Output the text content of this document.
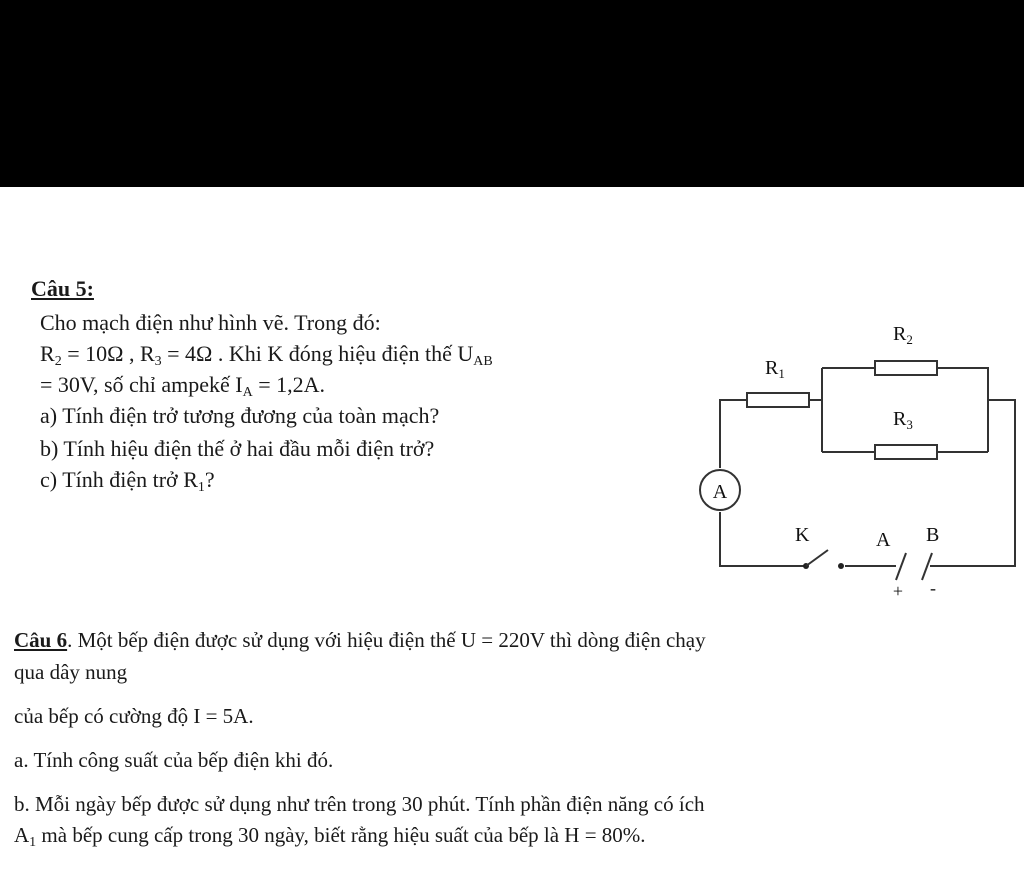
Câu 5:
Cho mạch điện như hình vẽ. Trong đó:
$R_2 = 10\Omega$ , $R_3 = 4\Omega$ . Khi K đóng hiệu điện thế $U_{AB}$
= 30V, số chỉ ampekế $I_A = 1,2A$.
a) Tính điện trở tương đương của toàn mạch?
b) Tính hiệu điện thế ở hai đầu mỗi điện trở?
c) Tính điện trở $R_1$?	A
$R_1$
$R_2$
$R_3$
K	A B
+ -
Câu 6. Một bếp điện được sử dụng với hiệu điện thế U = 220V thì dòng điện chạy
qua dây nung
của bếp có cường độ I = 5A.
a. Tính công suất của bếp điện khi đó.
b. Mỗi ngày bếp được sử dụng như trên trong 30 phút. Tính phần điện năng có ích
$A_1$ mà bếp cung cấp trong 30 ngày, biết rằng hiệu suất của bếp là H = 80%.
